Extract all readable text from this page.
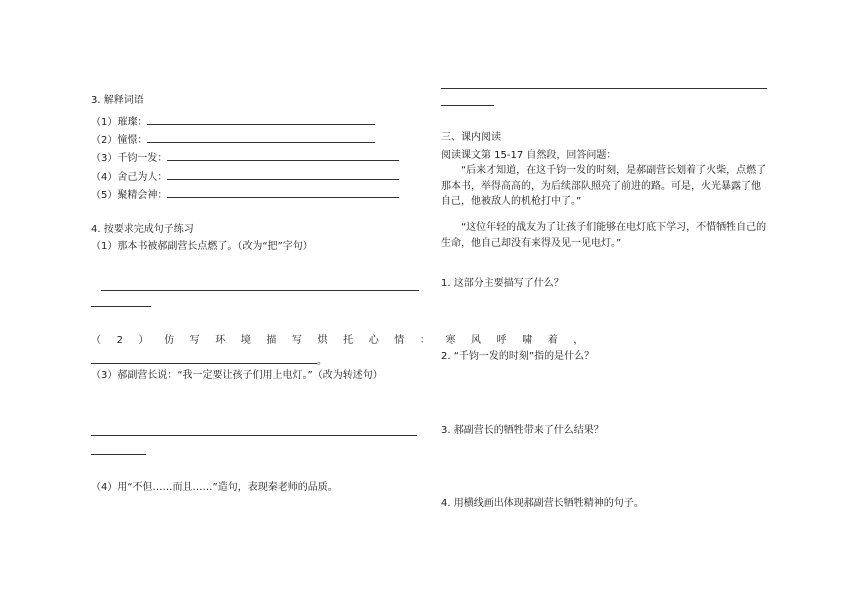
3. 解释词语
（1）璀璨：
（2）憧憬：
（3）千钧一发：
（4）舍己为人：
（5）聚精会神：
4. 按要求完成句子练习
（1）那本书被郝副营长点燃了。（改为“把”字句）
（ 2 ） 仿 写 环 境 描 写 烘 托 心 情 ： 寒 风 呼 啸 着 ，
。
（3）郝副营长说：“我一定要让孩子们用上电灯。”（改为转述句）
（4）用“不但……而且……”造句，表现秦老师的品质。
三、课内阅读
阅读课文第 15-17 自然段，回答问题：
“后来才知道，在这千钧一发的时刻，是郝副营长划着了火柴，点燃了那本书，举得高高的，为后续部队照亮了前进的路。可是，火光暴露了他自己，他被敌人的机枪打中了。”
“这位年轻的战友为了让孩子们能够在电灯底下学习，不惜牺牲自己的生命，他自己却没有来得及见一见电灯。”
1. 这部分主要描写了什么？
2. “千钧一发的时刻”指的是什么？
3. 郝副营长的牺牲带来了什么结果？
4. 用横线画出体现郝副营长牺牲精神的句子。
